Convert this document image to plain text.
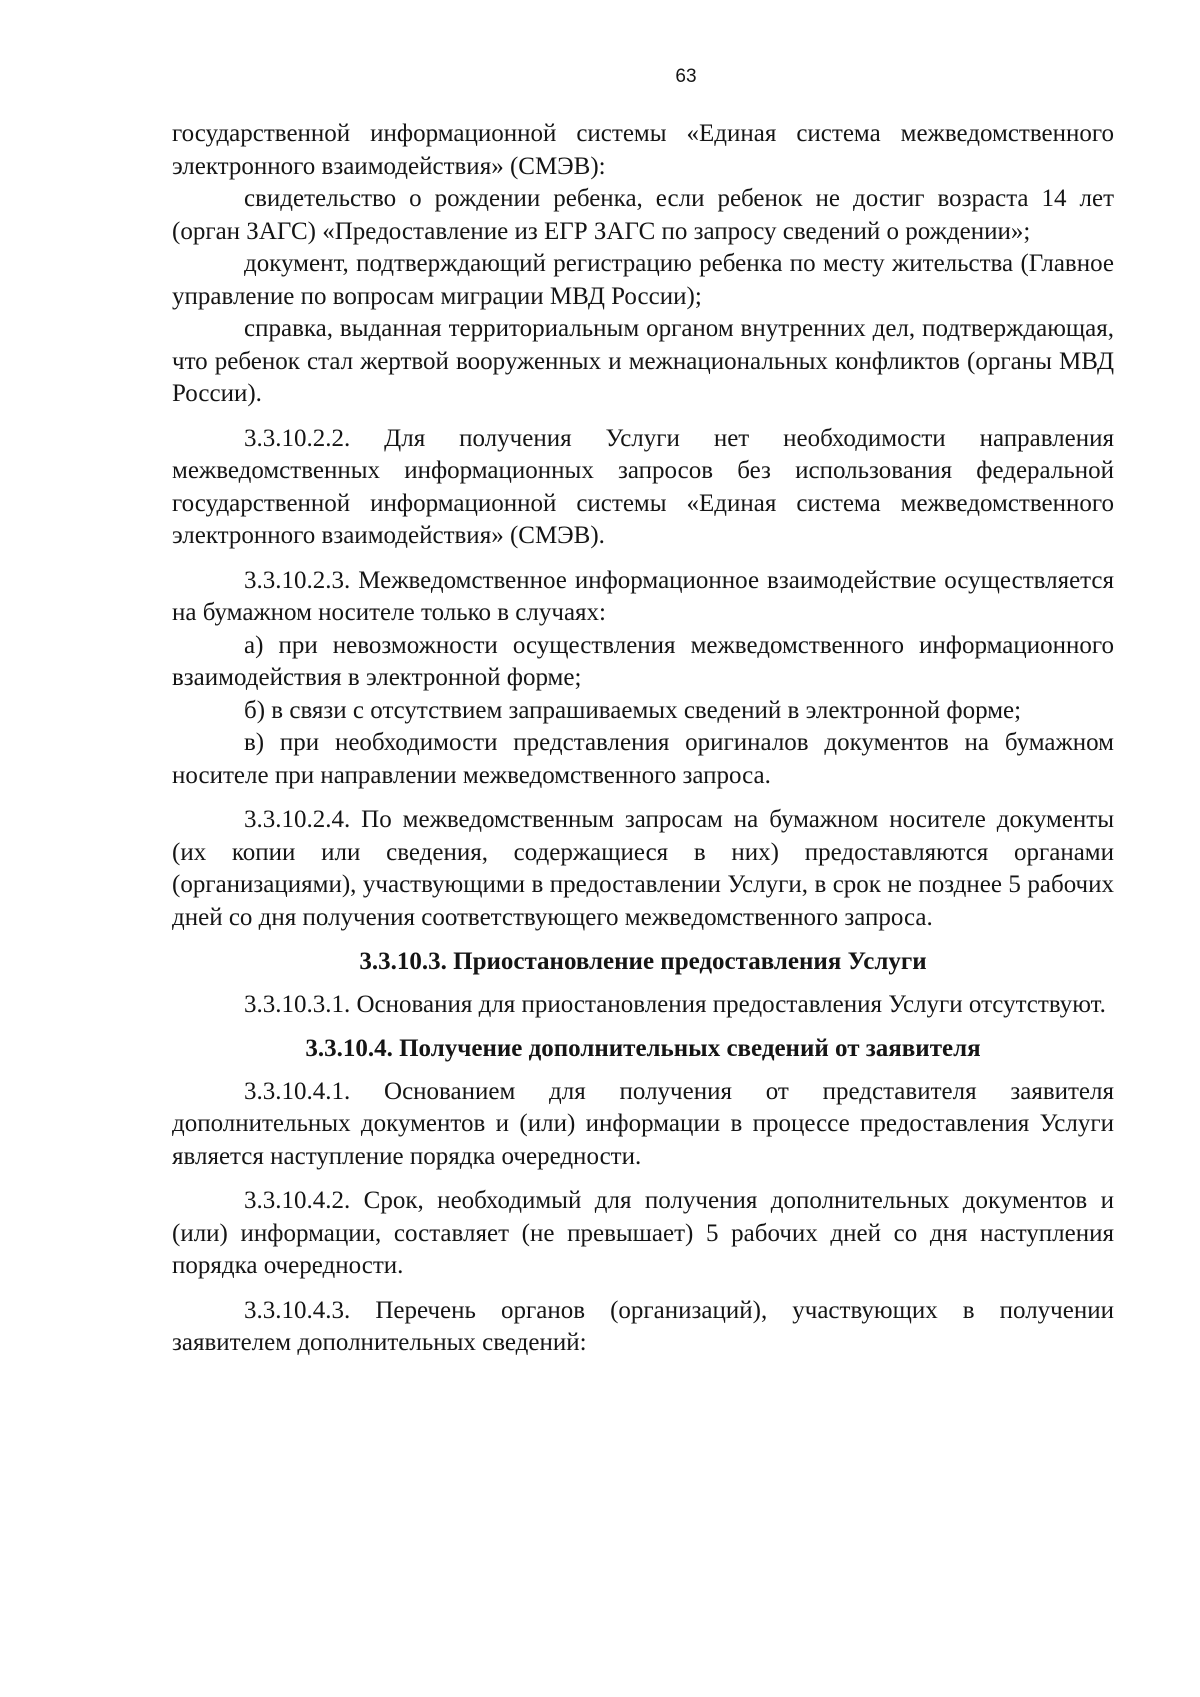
63

государственной информационной системы «Единая система межведомственного электронного взаимодействия» (СМЭВ):

свидетельство о рождении ребенка, если ребенок не достиг возраста 14 лет (орган ЗАГС) «Предоставление из ЕГР ЗАГС по запросу сведений о рождении»;

документ, подтверждающий регистрацию ребенка по месту жительства (Главное управление по вопросам миграции МВД России);

справка, выданная территориальным органом внутренних дел, подтверждающая, что ребенок стал жертвой вооруженных и межнациональных конфликтов (органы МВД России).

3.3.10.2.2. Для получения Услуги нет необходимости направления межведомственных информационных запросов без использования федеральной государственной информационной системы «Единая система межведомственного электронного взаимодействия» (СМЭВ).

3.3.10.2.3. Межведомственное информационное взаимодействие осуществляется на бумажном носителе только в случаях:

а) при невозможности осуществления межведомственного информационного взаимодействия в электронной форме;

б) в связи с отсутствием запрашиваемых сведений в электронной форме;

в) при необходимости представления оригиналов документов на бумажном носителе при направлении межведомственного запроса.

3.3.10.2.4. По межведомственным запросам на бумажном носителе документы (их копии или сведения, содержащиеся в них) предоставляются органами (организациями), участвующими в предоставлении Услуги, в срок не позднее 5 рабочих дней со дня получения соответствующего межведомственного запроса.

3.3.10.3. Приостановление предоставления Услуги

3.3.10.3.1. Основания для приостановления предоставления Услуги отсутствуют.

3.3.10.4. Получение дополнительных сведений от заявителя

3.3.10.4.1. Основанием для получения от представителя заявителя дополнительных документов и (или) информации в процессе предоставления Услуги является наступление порядка очередности.

3.3.10.4.2. Срок, необходимый для получения дополнительных документов и (или) информации, составляет (не превышает) 5 рабочих дней со дня наступления порядка очередности.

3.3.10.4.3. Перечень органов (организаций), участвующих в получении заявителем дополнительных сведений:
